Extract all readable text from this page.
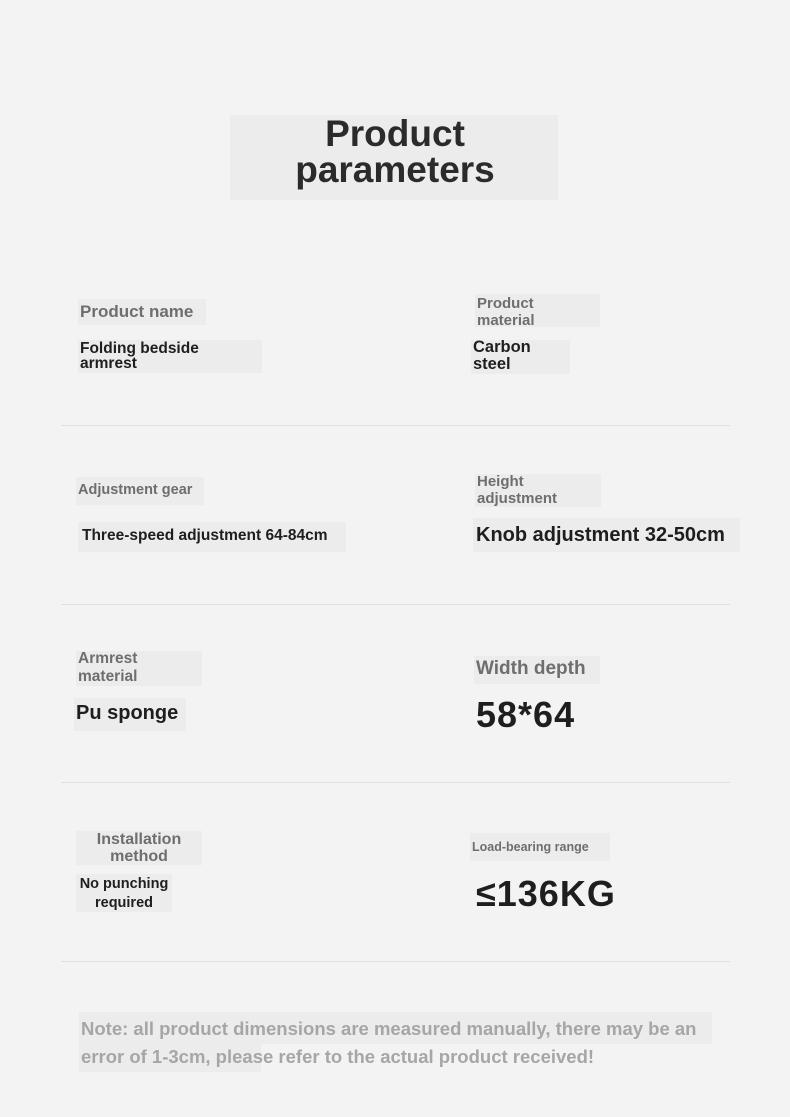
Product parameters
Product name
Folding bedside armrest
Product material
Carbon steel
Adjustment gear
Three-speed adjustment 64-84cm
Height adjustment
Knob adjustment 32-50cm
Armrest material
Pu sponge
Width depth
58*64
Installation method
No punching required
Load-bearing range
≤136KG
Note: all product dimensions are measured manually, there may be an error of 1-3cm, please refer to the actual product received!
